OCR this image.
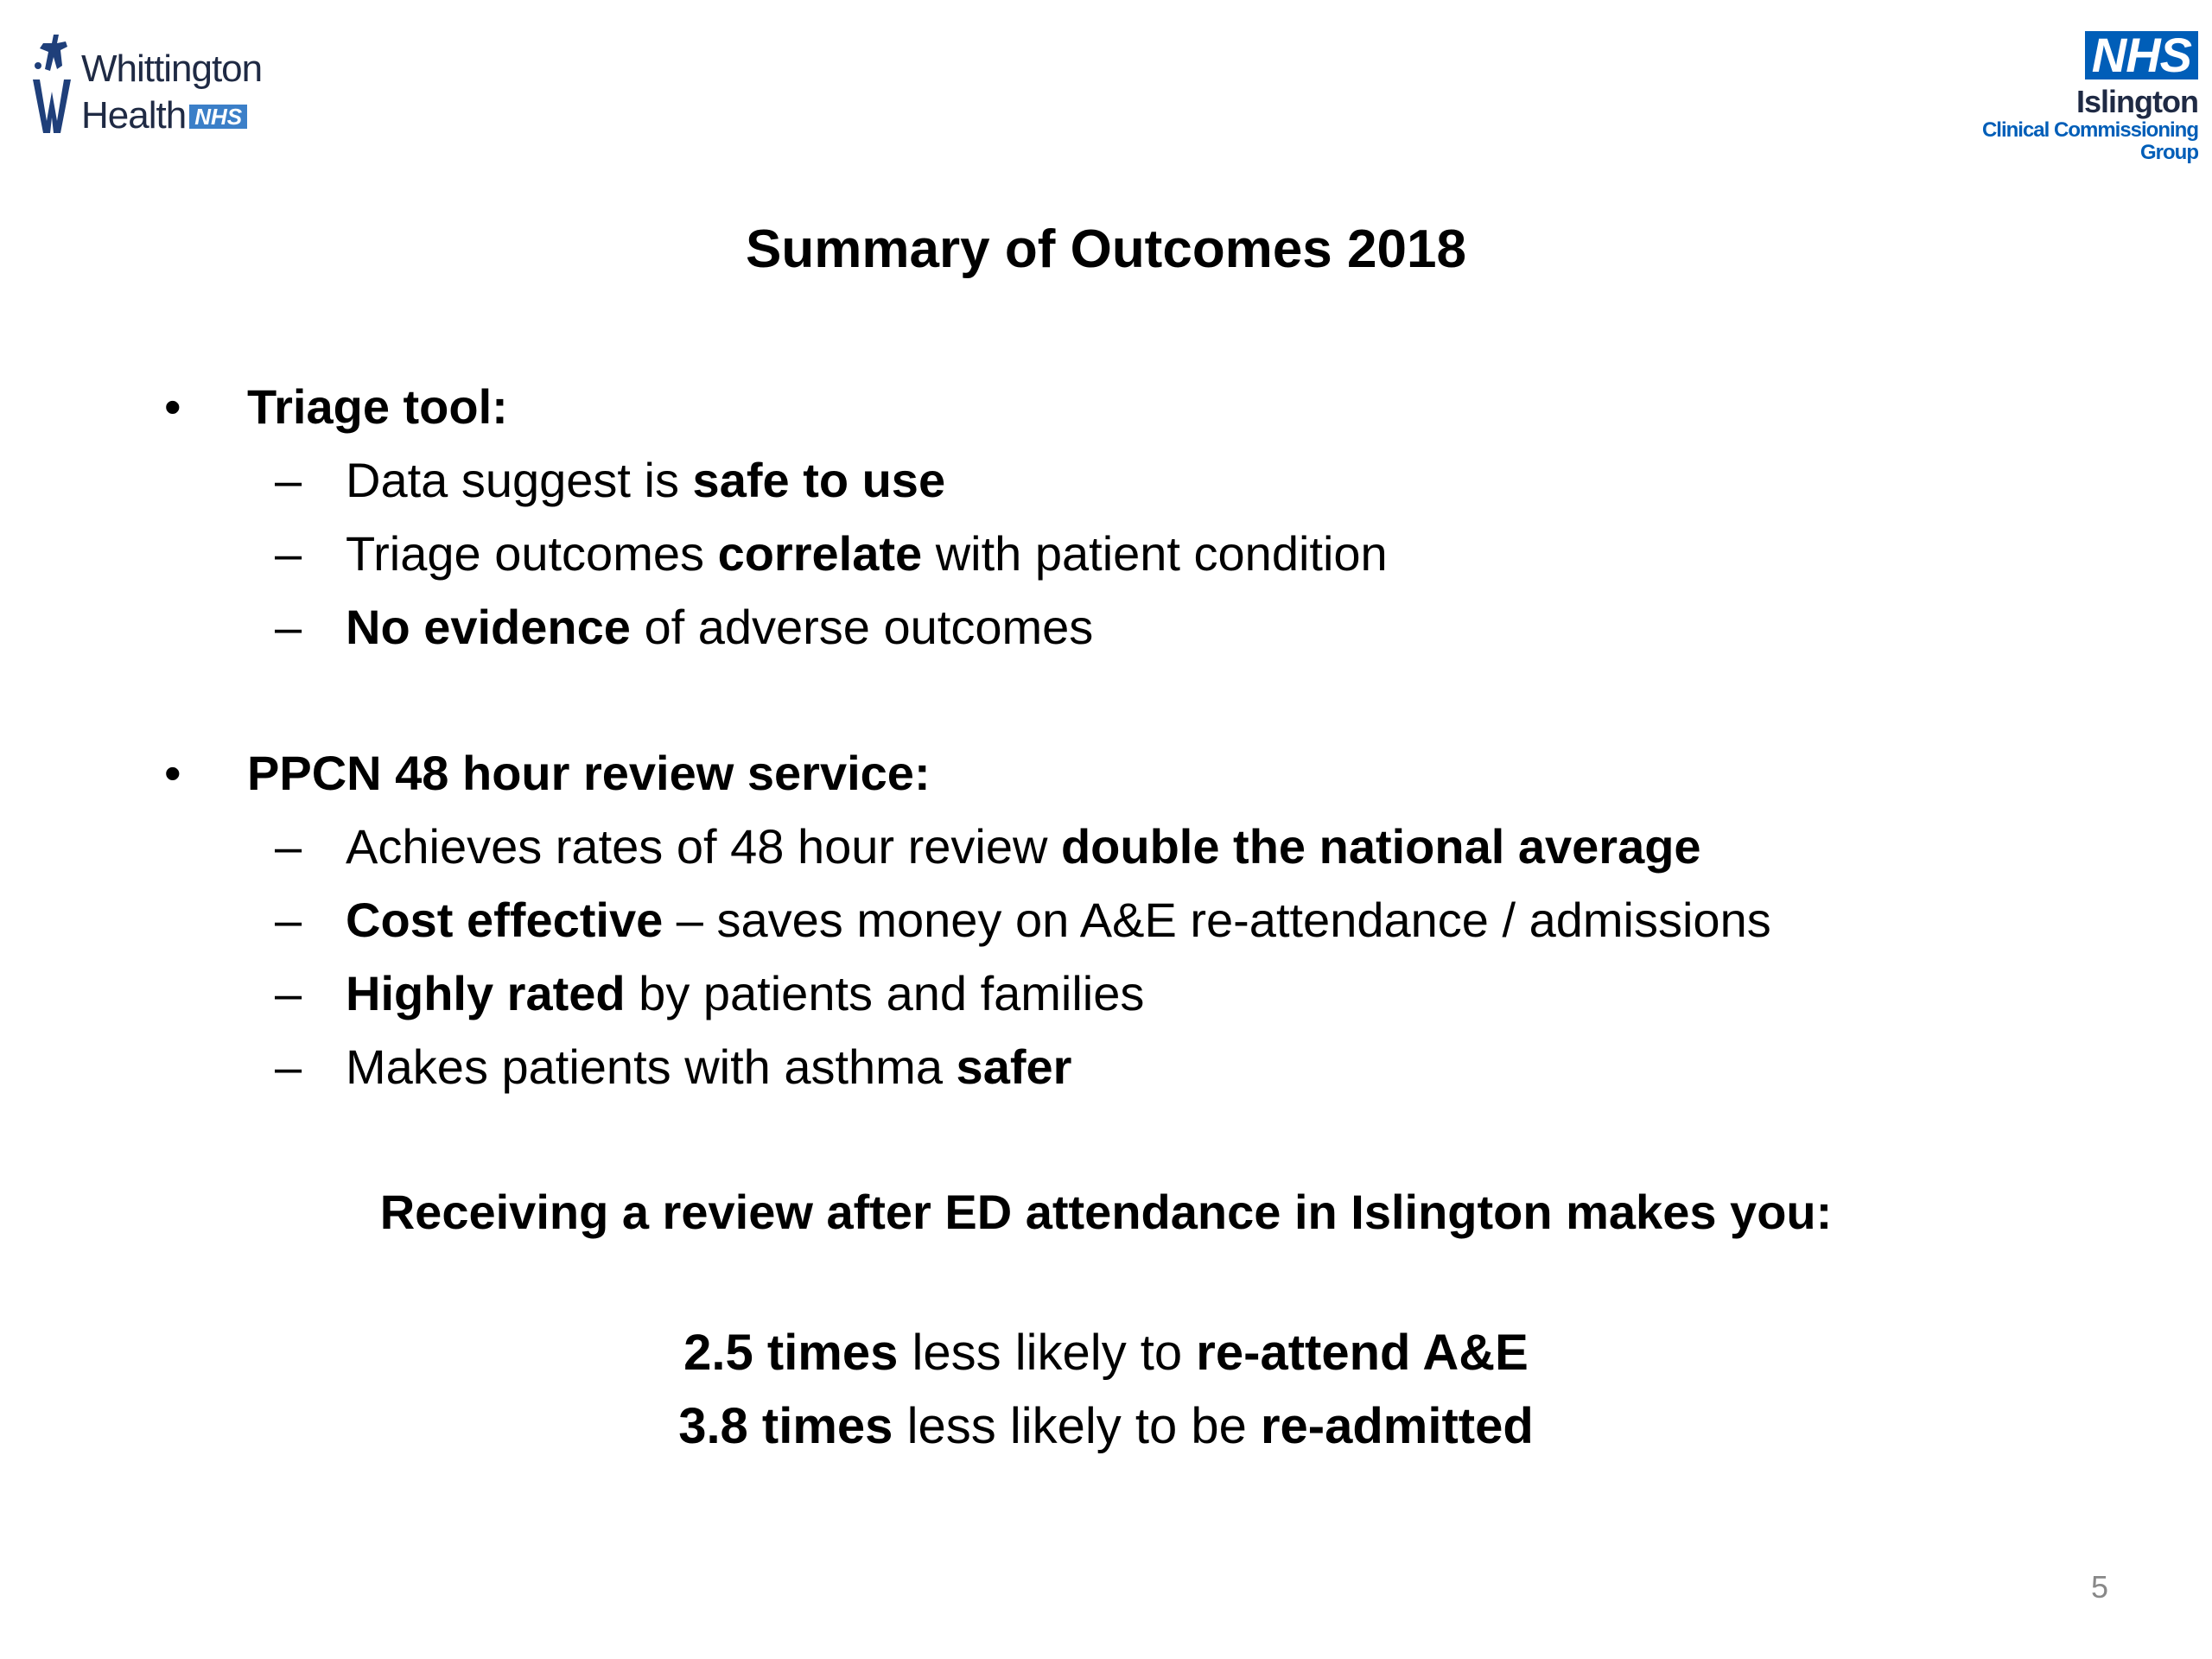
Whittington
Health NHS
NHS
Islington
Clinical Commissioning Group
Summary of Outcomes 2018
• Triage tool:
– Data suggest is safe to use
– Triage outcomes correlate with patient condition
– No evidence of adverse outcomes
• PPCN 48 hour review service:
– Achieves rates of 48 hour review double the national average
– Cost effective – saves money on A&E re-attendance / admissions
– Highly rated by patients and families
– Makes patients with asthma safer
Receiving a review after ED attendance in Islington makes you:
2.5 times less likely to re-attend A&E
3.8 times less likely to be re-admitted
5
